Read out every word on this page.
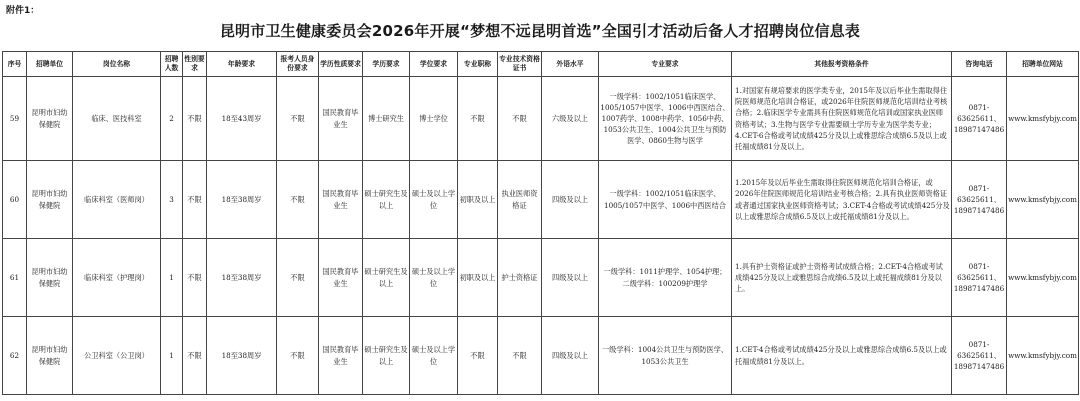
附件1：
昆明市卫生健康委员会2026年开展“梦想不远昆明首选”全国引才活动后备人才招聘岗位信息表
序号	招聘单位	岗位名称	招聘人数	性别要求	年龄要求	报考人员身份要求	学历性质要求	学历要求	学位要求	专业职称	专业技术资格证书	外语水平	专业要求	其他报考资格条件	咨询电话	招聘单位网站
59	昆明市妇幼保健院	临床、医技科室	2	不限	18至43周岁	不限	国民教育毕业生	博士研究生	博士学位	不限	不限	六级及以上	一级学科：1002/1051临床医学、1005/1057中医学、1006中西医结合、1007药学、1008中药学、1056中药、1053公共卫生、1004公共卫生与预防医学、0860生物与医学	1.对国家有规培要求的医学类专业，2015年及以后毕业生需取得住院医师规范化培训合格证，或2026年住院医师规范化培训结业考核合格；2.临床医学专业需具有住院医师规范化培训或国家执业医师资格考试；3.生物与医学专业需要硕士学历专业为医学类专业；4.CET-6合格或考试成绩425分及以上或雅思综合成绩6.5及以上或托福成绩81分及以上。	0871-63625611、18987147486	www.kmsfybjy.com
60	昆明市妇幼保健院	临床科室（医师岗）	3	不限	18至38周岁	不限	国民教育毕业生	硕士研究生及以上	硕士及以上学位	初职及以上	执业医师资格证	四级及以上	一级学科：1002/1051临床医学、1005/1057中医学、1006中西医结合	1.2015年及以后毕业生需取得住院医师规范化培训合格证，或2026年住院医师规范化培训结业考核合格；2.具有执业医师资格证或者通过国家执业医师资格考试；3.CET-4合格或考试成绩425分及以上或雅思综合成绩6.5及以上或托福成绩81分及以上。	0871-63625611、18987147486	www.kmsfybjy.com
61	昆明市妇幼保健院	临床科室（护理岗）	1	不限	18至38周岁	不限	国民教育毕业生	硕士研究生及以上	硕士及以上学位	初职及以上	护士资格证	四级及以上	一级学科：1011护理学、1054护理；二级学科：100209护理学	1.具有护士资格证或护士资格考试成绩合格；2.CET-4合格或考试成绩425分及以上或雅思综合成绩6.5及以上或托福成绩81分及以上。	0871-63625611、18987147486	www.kmsfybjy.com
62	昆明市妇幼保健院	公卫科室（公卫岗）	1	不限	18至38周岁	不限	国民教育毕业生	硕士研究生及以上	硕士及以上学位	不限	不限	四级及以上	一级学科：1004公共卫生与预防医学、1053公共卫生	1.CET-4合格或考试成绩425分及以上或雅思综合成绩6.5及以上或托福成绩81分及以上。	0871-63625611、18987147486	www.kmsfybjy.com
